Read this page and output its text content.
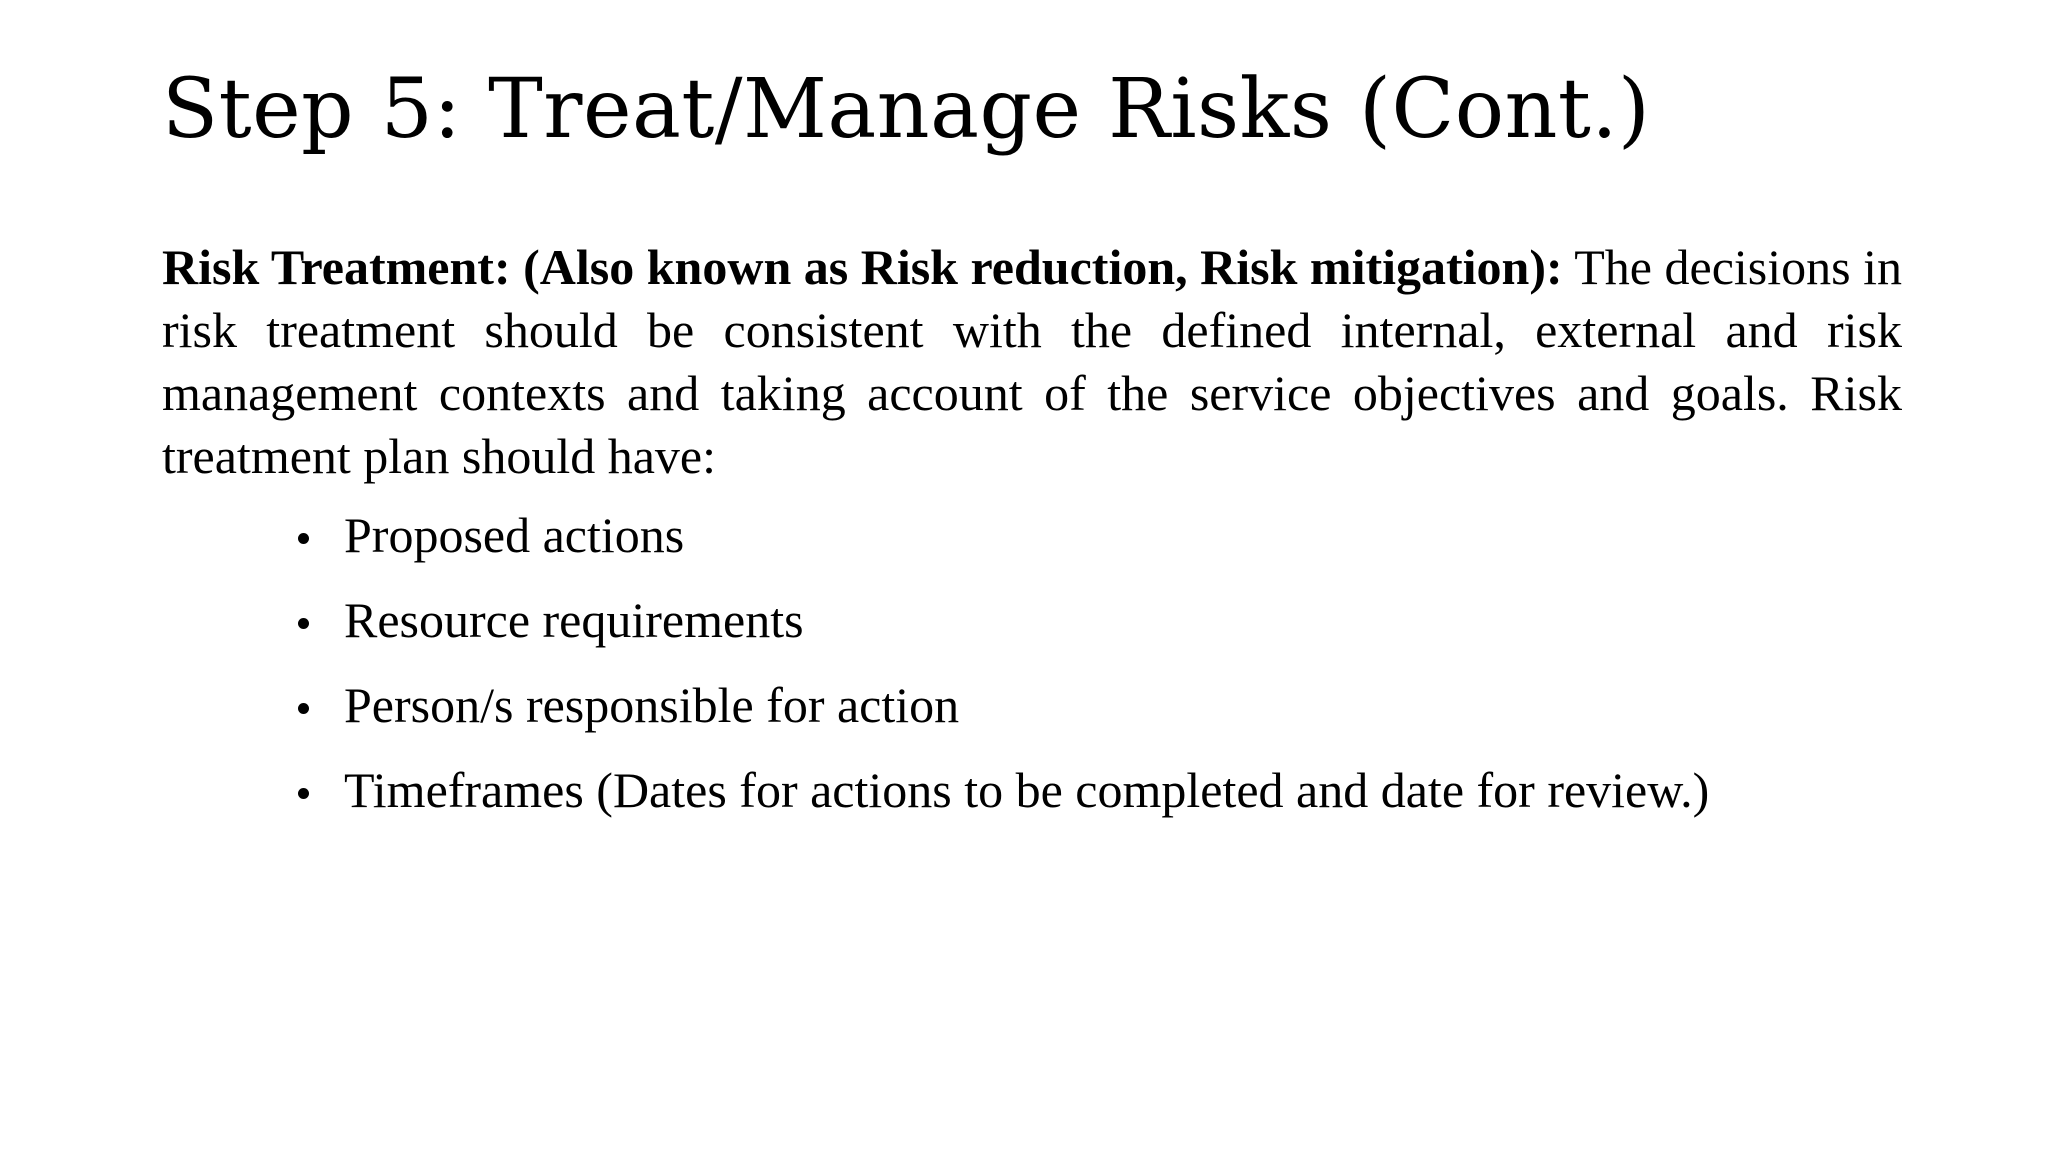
Step 5: Treat/Manage Risks (Cont.)

Risk Treatment: (Also known as Risk reduction, Risk mitigation): The decisions in risk treatment should be consistent with the defined internal, external and risk management contexts and taking account of the service objectives and goals. Risk treatment plan should have:

Proposed actions
Resource requirements
Person/s responsible for action
Timeframes (Dates for actions to be completed and date for review.)
